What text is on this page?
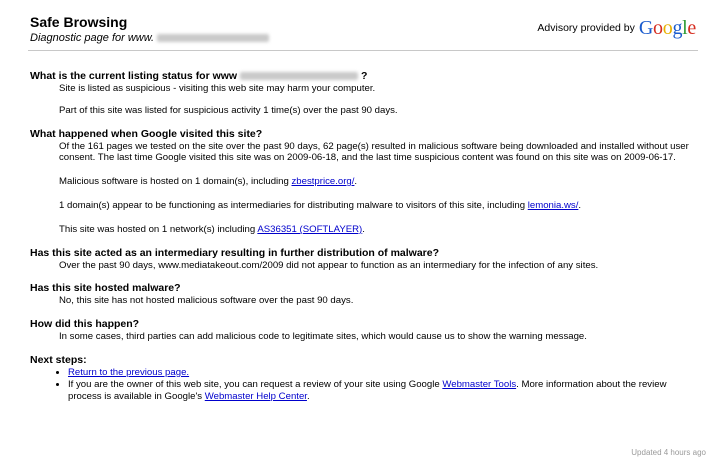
Safe Browsing
Diagnostic page for www.
Advisory provided by Google
What is the current listing status for www	?
Site is listed as suspicious - visiting this web site may harm your computer.
Part of this site was listed for suspicious activity 1 time(s) over the past 90 days.
What happened when Google visited this site?
Of the 161 pages we tested on the site over the past 90 days, 62 page(s) resulted in malicious software being downloaded and installed without user consent. The last time Google visited this site was on 2009-06-18, and the last time suspicious content was found on this site was on 2009-06-17.
Malicious software is hosted on 1 domain(s), including zbestprice.org/.
1 domain(s) appear to be functioning as intermediaries for distributing malware to visitors of this site, including lemonia.ws/.
This site was hosted on 1 network(s) including AS36351 (SOFTLAYER).
Has this site acted as an intermediary resulting in further distribution of malware?
Over the past 90 days, www.mediatakeout.com/2009 did not appear to function as an intermediary for the infection of any sites.
Has this site hosted malware?
No, this site has not hosted malicious software over the past 90 days.
How did this happen?
In some cases, third parties can add malicious code to legitimate sites, which would cause us to show the warning message.
Next steps:
• Return to the previous page.
• If you are the owner of this web site, you can request a review of your site using Google Webmaster Tools. More information about the review process is available in Google's Webmaster Help Center.
Updated 4 hours ago
